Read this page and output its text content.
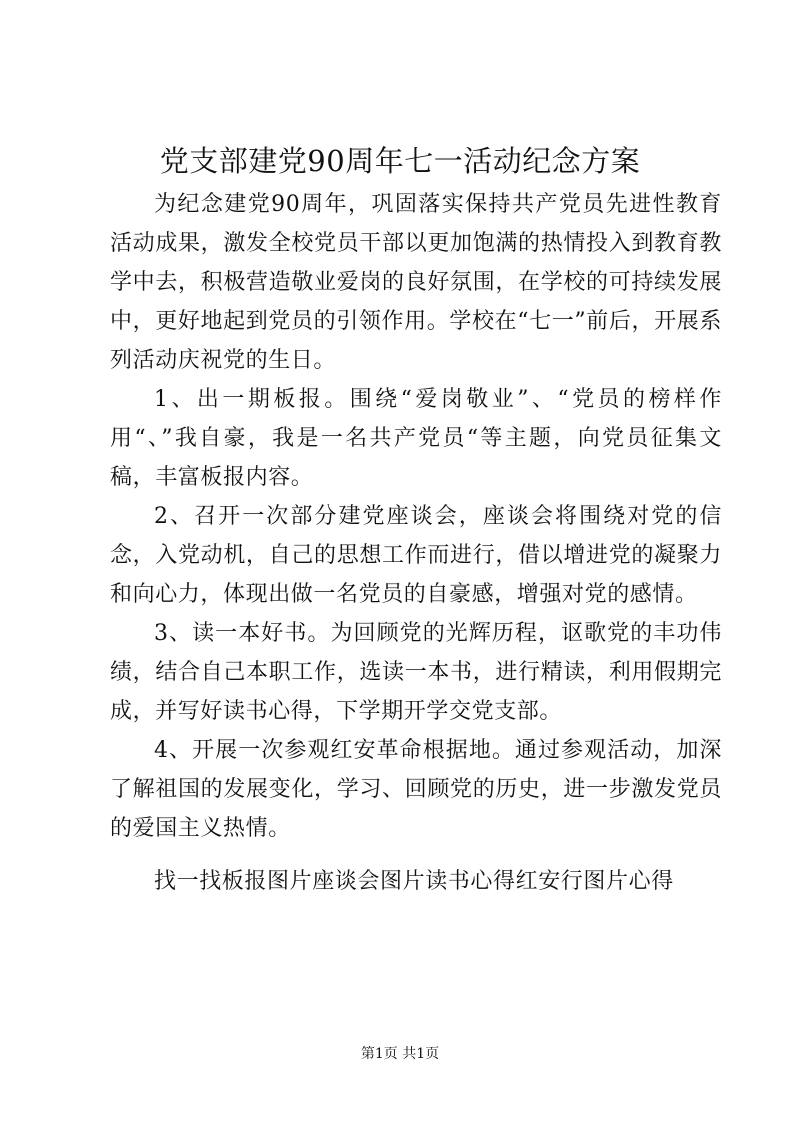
党支部建党90周年七一活动纪念方案

为纪念建党90周年，巩固落实保持共产党员先进性教育活动成果，激发全校党员干部以更加饱满的热情投入到教育教学中去，积极营造敬业爱岗的良好氛围，在学校的可持续发展中，更好地起到党员的引领作用。学校在“七一”前后，开展系列活动庆祝党的生日。

1、出一期板报。围绕“爱岗敬业”、“党员的榜样作用“、”我自豪，我是一名共产党员“等主题，向党员征集文稿，丰富板报内容。

2、召开一次部分建党座谈会，座谈会将围绕对党的信念，入党动机，自己的思想工作而进行，借以增进党的凝聚力和向心力，体现出做一名党员的自豪感，增强对党的感情。

3、读一本好书。为回顾党的光辉历程，讴歌党的丰功伟绩，结合自己本职工作，选读一本书，进行精读，利用假期完成，并写好读书心得，下学期开学交党支部。

4、开展一次参观红安革命根据地。通过参观活动，加深了解祖国的发展变化，学习、回顾党的历史，进一步激发党员的爱国主义热情。

找一找板报图片座谈会图片读书心得红安行图片心得

第1页 共1页
